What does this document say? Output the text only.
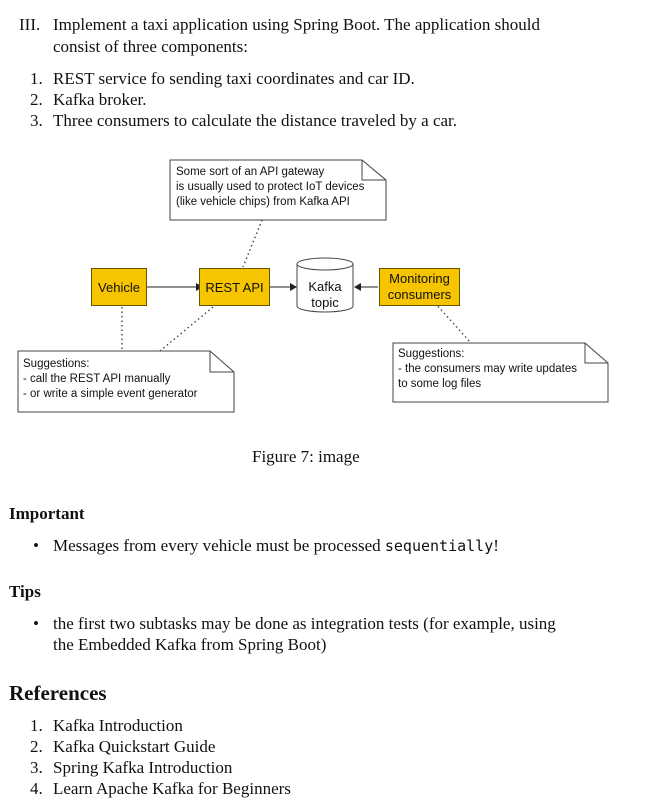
III. Implement a taxi application using Spring Boot. The application should
consist of three components:
1. REST service fo sending taxi coordinates and car ID.
2. Kafka broker.
3. Three consumers to calculate the distance traveled by a car.
Some sort of an API gateway
is usually used to protect IoT devices
(like vehicle chips) from Kafka API
Vehicle	REST API	Kafka
topic
Monitoring
consumers
Suggestions:
- call the REST API manually
- or write a simple event generator
Suggestions:
- the consumers may write updates
to some log files
Figure 7: image
Important
• Messages from every vehicle must be processed sequentially!
Tips
• the first two subtasks may be done as integration tests (for example, using
the Embedded Kafka from Spring Boot)
References
1. Kafka Introduction
2. Kafka Quickstart Guide
3. Spring Kafka Introduction
4. Learn Apache Kafka for Beginners
